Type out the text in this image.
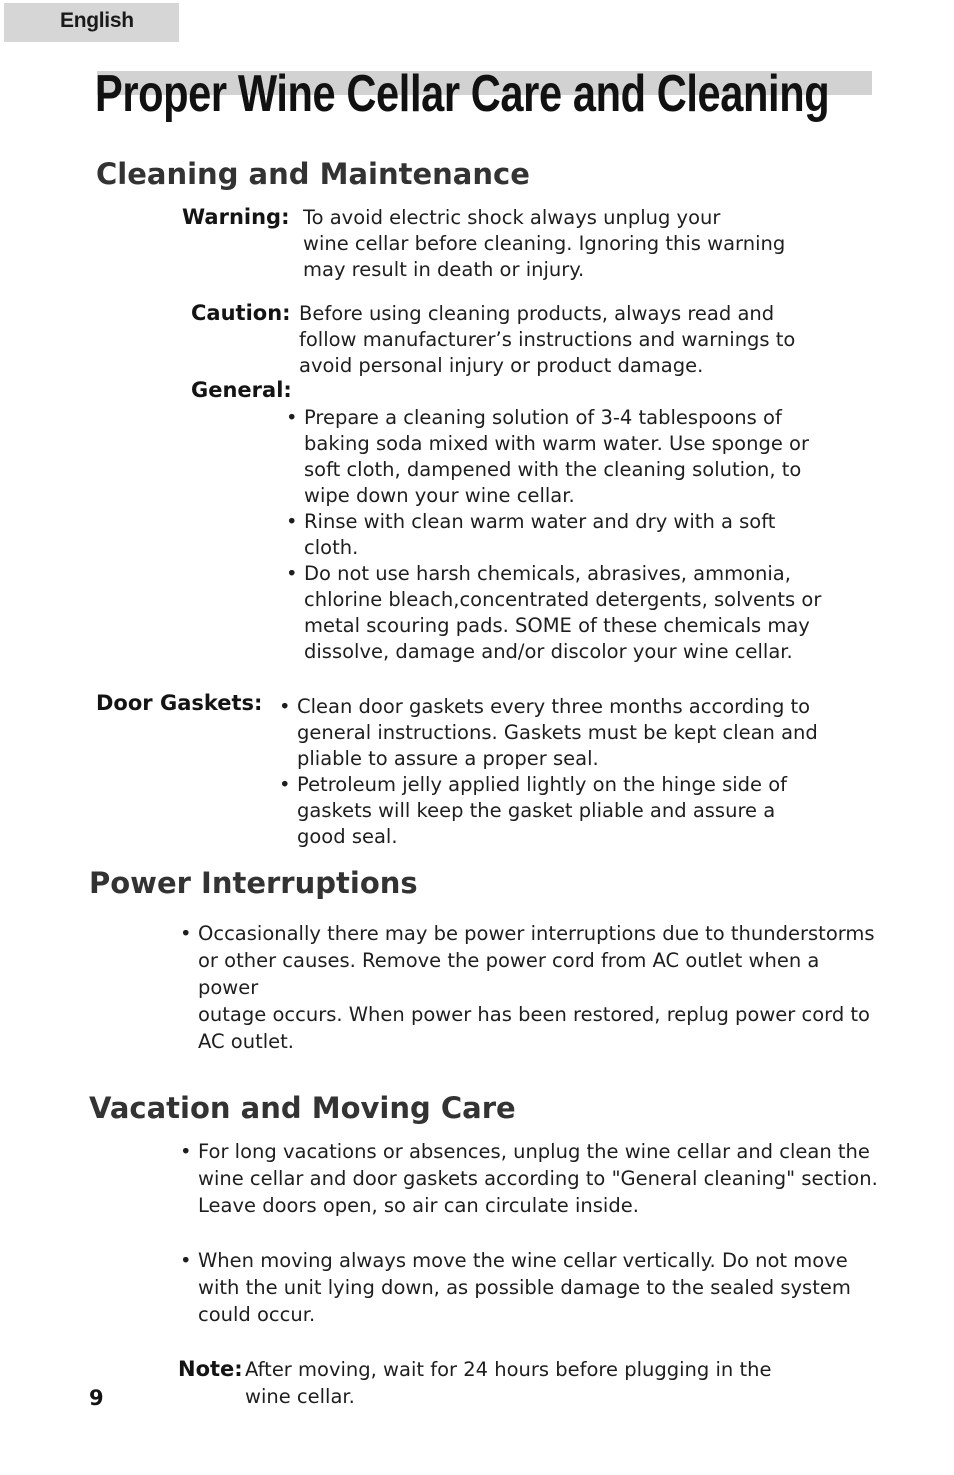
English
Proper Wine Cellar Care and Cleaning
Cleaning and Maintenance
Warning: To avoid electric shock always unplug your
wine cellar before cleaning. Ignoring this warning
may result in death or injury.
Caution: Before using cleaning products, always read and
follow manufacturer’s instructions and warnings to
avoid personal injury or product damage.
General:
• Prepare a cleaning solution of 3-4 tablespoons of
baking soda mixed with warm water. Use sponge or
soft cloth, dampened with the cleaning solution, to
wipe down your wine cellar.
• Rinse with clean warm water and dry with a soft
cloth.
• Do not use harsh chemicals, abrasives, ammonia,
chlorine bleach,concentrated detergents, solvents or
metal scouring pads. SOME of these chemicals may
dissolve, damage and/or discolor your wine cellar.
Door Gaskets: • Clean door gaskets every three months according to
general instructions. Gaskets must be kept clean and
pliable to assure a proper seal.
• Petroleum jelly applied lightly on the hinge side of
gaskets will keep the gasket pliable and assure a
good seal.
Power Interruptions
• Occasionally there may be power interruptions due to thunderstorms
or other causes. Remove the power cord from AC outlet when a
power
outage occurs. When power has been restored, replug power cord to
AC outlet.
Vacation and Moving Care
• For long vacations or absences, unplug the wine cellar and clean the
wine cellar and door gaskets according to "General cleaning" section.
Leave doors open, so air can circulate inside.
• When moving always move the wine cellar vertically. Do not move
with the unit lying down, as possible damage to the sealed system
could occur.
Note: After moving, wait for 24 hours before plugging in the
wine cellar.
9
